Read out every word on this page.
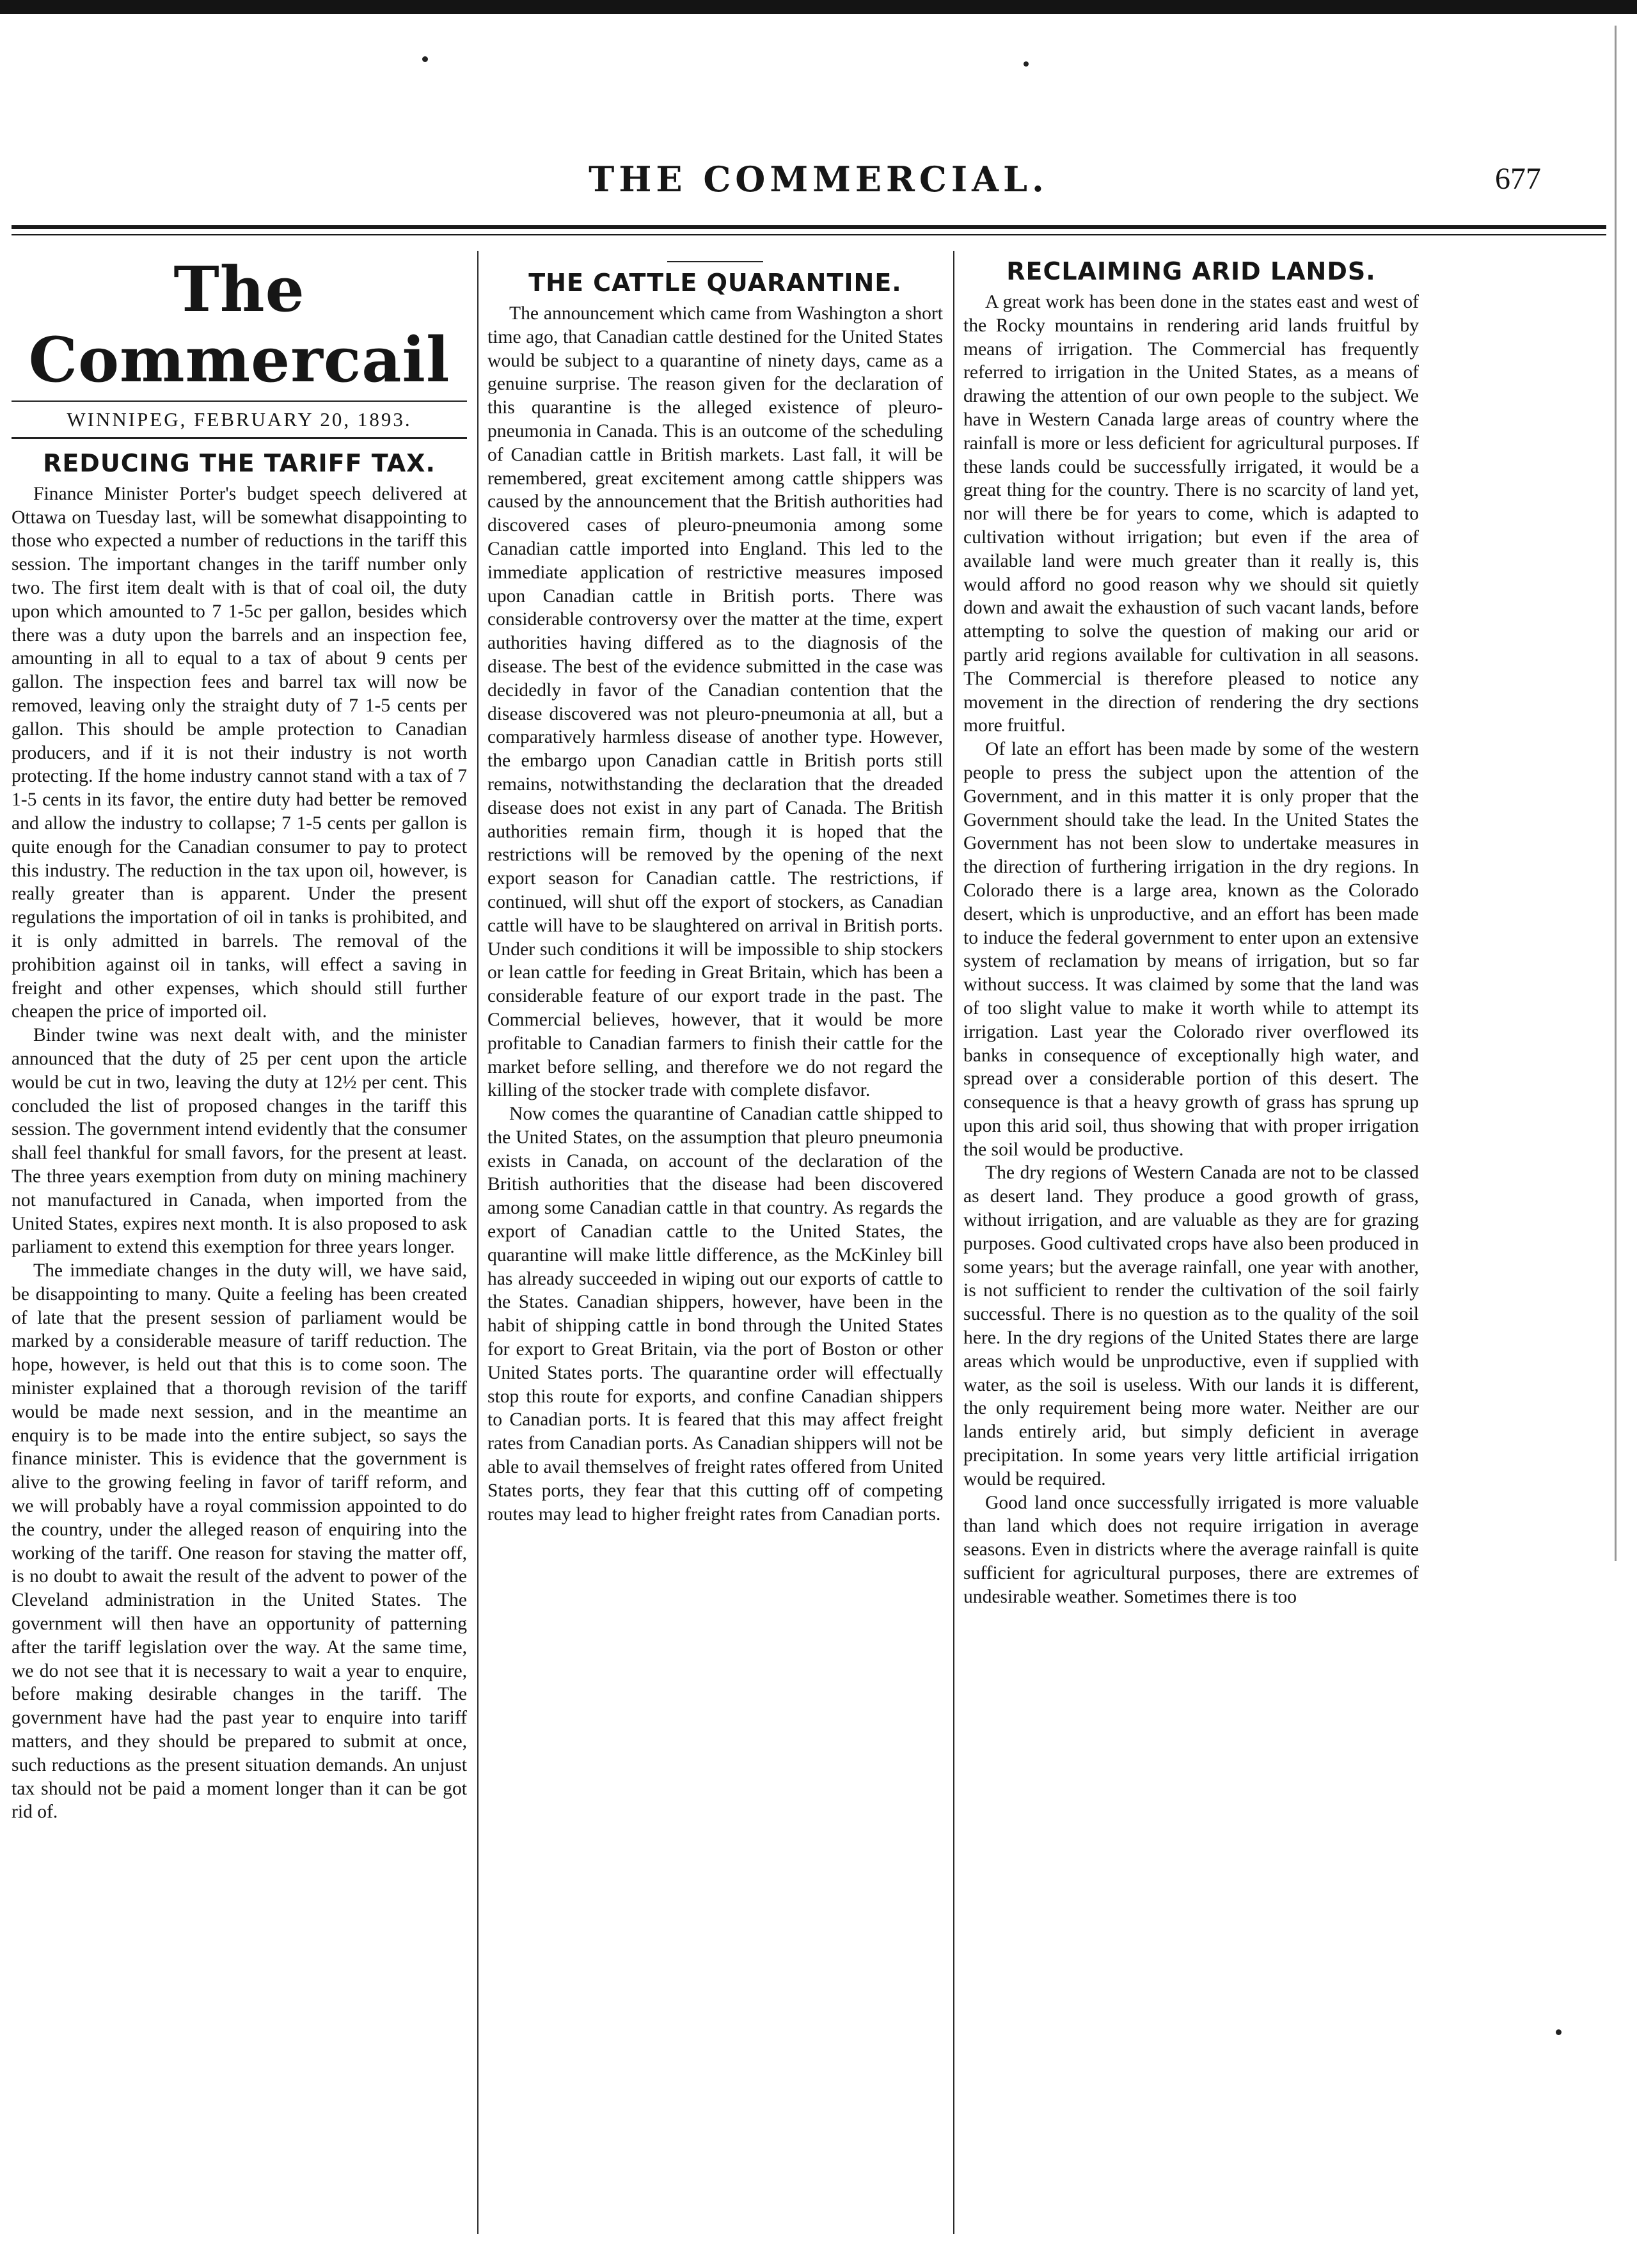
THE COMMERCIAL.	677
The Commercail
WINNIPEG, FEBRUARY 20, 1893.
REDUCING THE TARIFF TAX.

Finance Minister Porter's budget speech delivered at Ottawa on Tuesday last, will be somewhat disappointing to those who expected a number of reductions in the tariff this session. The important changes in the tariff number only two. The first item dealt with is that of coal oil, the duty upon which amounted to 7 1-5c per gallon, besides which there was a duty upon the barrels and an inspection fee, amounting in all to equal to a tax of about 9 cents per gallon. The inspection fees and barrel tax will now be removed, leaving only the straight duty of 7 1-5 cents per gallon. This should be ample protection to Canadian producers, and if it is not their industry is not worth protecting. If the home industry cannot stand with a tax of 7 1-5 cents in its favor, the entire duty had better be removed and allow the industry to collapse; 7 1-5 cents per gallon is quite enough for the Canadian consumer to pay to protect this industry. The reduction in the tax upon oil, however, is really greater than is apparent. Under the present regulations the importation of oil in tanks is prohibited, and it is only admitted in barrels. The removal of the prohibition against oil in tanks, will effect a saving in freight and other expenses, which should still further cheapen the price of imported oil.

Binder twine was next dealt with, and the minister announced that the duty of 25 per cent upon the article would be cut in two, leaving the duty at 12½ per cent. This concluded the list of proposed changes in the tariff this session. The government intend evidently that the consumer shall feel thankful for small favors, for the present at least. The three years exemption from duty on mining machinery not manufactured in Canada, when imported from the United States, expires next month. It is also proposed to ask parliament to extend this exemption for three years longer.

The immediate changes in the duty will, we have said, be disappointing to many. Quite a feeling has been created of late that the present session of parliament would be marked by a considerable measure of tariff reduction. The hope, however, is held out that this is to come soon. The minister explained that a thorough revision of the tariff would be made next session, and in the meantime an enquiry is to be made into the entire subject, so says the finance minister. This is evidence that the government is alive to the growing feeling in favor of tariff reform, and we will probably have a royal commission appointed to do the country, under the alleged reason of enquiring into the working of the tariff. One reason for staving the matter off, is no doubt to await the result of the advent to power of the Cleveland administration in the United States. The government will then have an opportunity of patterning after the tariff legislation over the way. At the same time, we do not see that it is necessary to wait a year to enquire, before making desirable changes in the tariff. The government have had the past year to enquire into tariff matters, and they should be prepared to submit at once, such reductions as the present situation demands. An unjust tax should not be paid a moment longer than it can be got rid of.

THE CATTLE QUARANTINE.

The announcement which came from Washington a short time ago, that Canadian cattle destined for the United States would be subject to a quarantine of ninety days, came as a genuine surprise. The reason given for the declaration of this quarantine is the alleged existence of pleuro-pneumonia in Canada. This is an outcome of the scheduling of Canadian cattle in British markets. Last fall, it will be remembered, great excitement among cattle shippers was caused by the announcement that the British authorities had discovered cases of pleuro-pneumonia among some Canadian cattle imported into England. This led to the immediate application of restrictive measures imposed upon Canadian cattle in British ports. There was considerable controversy over the matter at the time, expert authorities having differed as to the diagnosis of the disease. The best of the evidence submitted in the case was decidedly in favor of the Canadian contention that the disease discovered was not pleuro-pneumonia at all, but a comparatively harmless disease of another type. However, the embargo upon Canadian cattle in British ports still remains, notwithstanding the declaration that the dreaded disease does not exist in any part of Canada. The British authorities remain firm, though it is hoped that the restrictions will be removed by the opening of the next export season for Canadian cattle. The restrictions, if continued, will shut off the export of stockers, as Canadian cattle will have to be slaughtered on arrival in British ports. Under such conditions it will be impossible to ship stockers or lean cattle for feeding in Great Britain, which has been a considerable feature of our export trade in the past. The Commercial believes, however, that it would be more profitable to Canadian farmers to finish their cattle for the market before selling, and therefore we do not regard the killing of the stocker trade with complete disfavor.

Now comes the quarantine of Canadian cattle shipped to the United States, on the assumption that pleuro pneumonia exists in Canada, on account of the declaration of the British authorities that the disease had been discovered among some Canadian cattle in that country. As regards the export of Canadian cattle to the United States, the quarantine will make little difference, as the McKinley bill has already succeeded in wiping out our exports of cattle to the States. Canadian shippers, however, have been in the habit of shipping cattle in bond through the United States for export to Great Britain, via the port of Boston or other United States ports. The quarantine order will effectually stop this route for exports, and confine Canadian shippers to Canadian ports. It is feared that this may affect freight rates from Canadian ports. As Canadian shippers will not be able to avail themselves of freight rates offered from United States ports, they fear that this cutting off of competing routes may lead to higher freight rates from Canadian ports.

RECLAIMING ARID LANDS.

A great work has been done in the states east and west of the Rocky mountains in rendering arid lands fruitful by means of irrigation. The Commercial has frequently referred to irrigation in the United States, as a means of drawing the attention of our own people to the subject. We have in Western Canada large areas of country where the rainfall is more or less deficient for agricultural purposes. If these lands could be successfully irrigated, it would be a great thing for the country. There is no scarcity of land yet, nor will there be for years to come, which is adapted to cultivation without irrigation; but even if the area of available land were much greater than it really is, this would afford no good reason why we should sit quietly down and await the exhaustion of such vacant lands, before attempting to solve the question of making our arid or partly arid regions available for cultivation in all seasons. The Commercial is therefore pleased to notice any movement in the direction of rendering the dry sections more fruitful.

Of late an effort has been made by some of the western people to press the subject upon the attention of the Government, and in this matter it is only proper that the Government should take the lead. In the United States the Government has not been slow to undertake measures in the direction of furthering irrigation in the dry regions. In Colorado there is a large area, known as the Colorado desert, which is unproductive, and an effort has been made to induce the federal government to enter upon an extensive system of reclamation by means of irrigation, but so far without success. It was claimed by some that the land was of too slight value to make it worth while to attempt its irrigation. Last year the Colorado river overflowed its banks in consequence of exceptionally high water, and spread over a considerable portion of this desert. The consequence is that a heavy growth of grass has sprung up upon this arid soil, thus showing that with proper irrigation the soil would be productive.

The dry regions of Western Canada are not to be classed as desert land. They produce a good growth of grass, without irrigation, and are valuable as they are for grazing purposes. Good cultivated crops have also been produced in some years; but the average rainfall, one year with another, is not sufficient to render the cultivation of the soil fairly successful. There is no question as to the quality of the soil here. In the dry regions of the United States there are large areas which would be unproductive, even if supplied with water, as the soil is useless. With our lands it is different, the only requirement being more water. Neither are our lands entirely arid, but simply deficient in average precipitation. In some years very little artificial irrigation would be required.

Good land once successfully irrigated is more valuable than land which does not require irrigation in average seasons. Even in districts where the average rainfall is quite sufficient for agricultural purposes, there are extremes of undesirable weather. Sometimes there is too
